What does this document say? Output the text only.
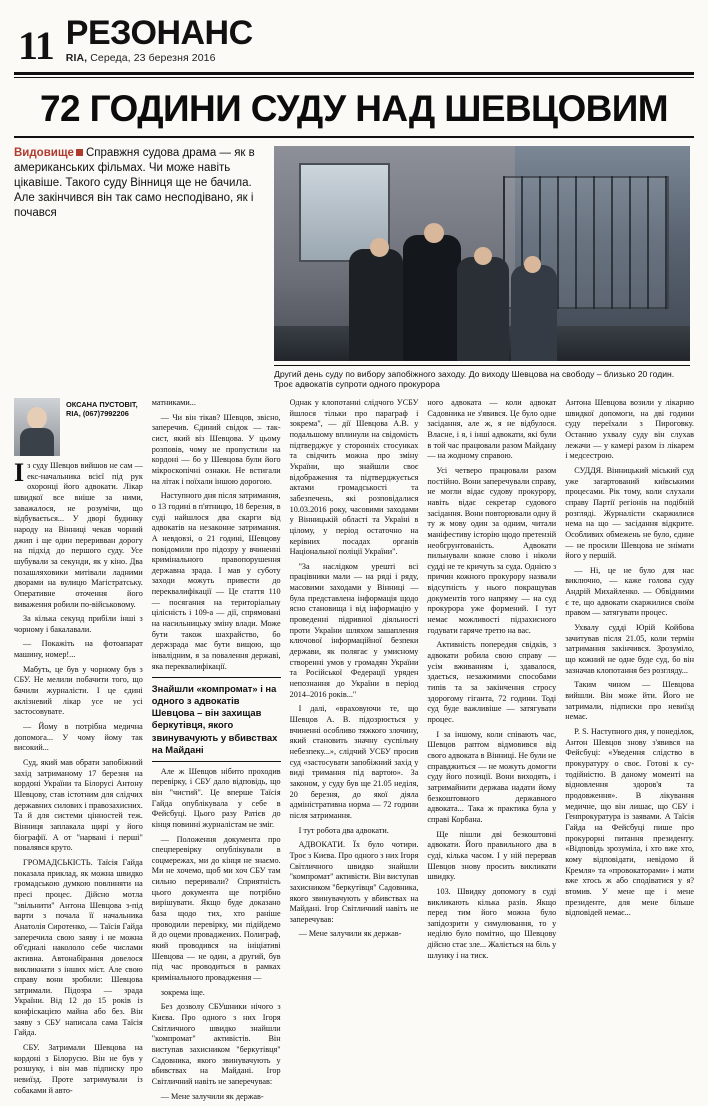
11 РЕЗОНАНС
RIA, Середа, 23 березня 2016
72 ГОДИНИ СУДУ НАД ШЕВЦОВИМ
Видовище Справжня судова драма — як в американських фільмах. Чи може навіть цікавіше. Такого суду Вінниця ще не бачила. Але закінчився він так само несподівано, як і почався
Другий день суду по вибору запобіжного заходу. До виходу Шевцова на свободу – близько 20 годин. Троє адвокатів супроти одного прокурора
ОКСАНА ПУСТОВІТ,
RIA, (067)7992206

Із суду Шевцов вийшов не сам — екс-начальника всієї під рук охоронці його адвокати. Лікар швидкої все вніше за ними, заважалося, не розумічи, що відбувається... У дворі будинку народу на Вінниці чекав чорний джип і ще один переривван дорогу на підхід до першого суду. Усе шубували за секунди, як у кіно. Два позашляховики митівали ладними дворами на вулицю Магістратську. Оперативне оточення його виваження робили по-військовому.

За кілька секунд прибіли інші з чорному і бакалавали.

— Покажіть на фотоапарат машину, номер!...

Мабуть, це був у чорному був з СБУ. Не мелили побачити того, що бачили журналісти. І це єдині аклізневий лікар усе не усі застосовувате.

— Йому в потрібна медична допомога... У чому йому так високий...

Суд, який мав обрати запобіжний захід затриманому 17 березня на кордоні України та Білорусі Антону Шевцову, став істотним для слідчих державних силових і правозахисних. Та й для системи цінностей теж. Вінниця заплакала щирі у його біографії. А от "нарвані і перші" повалявся круто.

ГРОМАДСЬКІСТЬ. Таїсія Гайда показала приклад, як можна швидко громадською думкою повлиняти на пресі процес. Дійсно мотла "звільнити" Антона Шевцова з-під варти з почала її начальника Анатолія Сиротенко, — Таїсія Гайда заперечила свою заяву і не можна об'єдналі накололо себе числами активна. Автонабірання довелося викликнати з інших міст. Але свою справу вони зробили: Шевцова затримали. Підозра — зрада України. Від 12 до 15 років із конфіскацією майна або без. Він заяву з СБУ написала сама Таїсія Гайда.

СБУ. Затримали Шевцова на кордоні з Білорусю. Він не був у розшуку, і він мав підписку про невиїзд. Проте затримували із собаками й авто-

матниками...

— Чи він тікав? Шевцов, звісно, заперечив. Єдиний свідок — так-сист, який віз Шевцова. У цьому розповів, чому не пропустили на кордоні — бо у Шевцова були його мікроскопічні ознаки. Не встигали на літак і поїхали іншою дорогою.

Наступного дня після затримання, о 13 годині в п'ятницю, 18 березня, в суді найшлося два скарги від адвокатів на незаконне затримання. А невдовзі, о 21 годині, Шевцову повідомили про підозру у вчиненні кримінального правопорушення державна зрада. І мав у суботу заходи можуть привести до переквалифікації — Це стаття 110 — посягання на територіальну цілісність і 109-а — дії, спрямовані на насильницьку зміну влади. Може бути також шахрайство, бо держзрада має бути вищою, що інвалідним, я за повалення державі, яка переквалифікації.

Знайшли «компромат» і на одного з адвокатів Шевцова – він захищав беркутівця, якого звинувачують у вбивствах на Майдані

Але ж Шевцов нібито проходив перевірку, і СБУ дало відповідь, що він "чистий". Це вперше Таїсія Гайда опублікувала у себе в Фейсбуці. Цього разу Ратієв до кінця повинні журналістам не зміг.

— Положення документа про спецперевірку опублікували в соцмережах, ми до кінця не знаємо. Ми не хочемо, щоб ми хоч СБУ там сильно переривали? Сприятність цього документа ще потрібно вирішувати. Якщо буде доказано база щодо тих, хто раніше проводили перевірку, ми підійдемо й до оцеми проваджених. Полиграф, який проводився на ініціативі Шевцова — не один, а другий, був під час проводиться в рамках кримінального провадження —

зокрема іще.

Без дозволу СБУшники нічого з Києва. Про одного з них Ігоря Світличного швидко знайшли "компромат" активістів. Він виступав захисником "беркутівця" Садовника, якого звинувачують у вбивствах на Майдані. Ігор Світличний навіть не заперечував:

— Мене залучили як держав-

Однак у клопотанні слідчого УСБУ йшлося тільки про параграф і зокрема", — дії Шевцова А.В. у подальшому вплинули на свідомість підтверджує у сторонніх стосунках та свідчить можна про зміну України, що знайшли своє відображення та підтверджується актами громадськості та забезпечень, які розповідалися 10.03.2016 року, часовими заходами у Вінницькій області та Україні в цілому, у період остаточно на керівних посадах органів Національної поліції України".

"За наслідком урешті всі працівники мали — на ряді і ряду, масовими заходами у Вінниці — була представлена інформація щодо ясно становища і від інформацію у проведенні підривної діяльності проти України шляхом зашаплення ключової інформаційної безпеки держави, як полягає у умисному створенні умов у громадян України та Російської Федерації уряден непознання до України в період 2014–2016 років..."

І далі, «враховуючи те, що Шевцов А. В. підозрюється у вчиненні особливо тяжкого злочину, який становить значну суспільну небезпеку...», слідчий УСБУ просив суд «застосувати запобіжний захід у виді тримання під вартою». За законом, у суду був ще 21.05 неділя, 20 березня, до якої діяла адміністративна норма — 72 години після затримання.

І тут робота два адвокати.

АДВОКАТИ. Їх було чотири. Троє з Києва. Про одного з них Ігоря Світличного швидко знайшли "компромат" активісти. Він виступав захисником "беркутівця" Садовника, якого звинувачують у вбивствах на Майдані. Ігор Світличний навіть не заперечував:

— Мене залучили як держав-

ного адвоката — коли адвокат Садовника не з'явився. Це було одне засідання, але ж, я не відбулося. Власне, і я, і інші адвокати, які були в той час працювали разом Майдану — на жодному справою.

Усі четверо працювали разом постійно. Вони заперечували справу, не могли відає судову прокурору, навіть відає секретар судового засідання. Вони повторювали одну й ту ж мову один за одним, читали маніфестиву історію щодо претензій необгрунтованість. Адвокати пильнували кожне слово і ніколи судді не те кричуть за суда. Однією з причин кожного прокурору назвали відсутність у нього покращував документів того напряму — на суд прокурора уже формений. І тут немає можливості підзахисного годувати гаряче третю на вас.

Активність попередня свідків, з адвокати робила свою справу — усім вживанням і, здавалося, здається, незажимими способами типів та за закінчення стросу здорогому гіганта, 72 години. Тоді суд буде важливіше — затягувати процес.

І за іншому, коли співають час, Шевцов раптом відмовився від свого адвоката в Вінниці. Не були не справджиться — не можуть домогти суду його позиції. Вони виходять, і затримайнити держава надати йому безкоштовного державного адвоката... Така ж практика була у справі Корбана.

Ще пішли дві безкоштовні адвокати. Його правильного два в суді, кілька часом. І у ній перервав Шевцов знову просить викликати швидку.

103. Швидку допомогу в суді викликають кілька разів. Якщо перед тим його можна було запідозрити у симулювання, то у неділю було помітно, що Шевцову дійсно стає зле... Жаліється на біль у шлунку і на тиск.

Антона Шевцова возили у лікарню швидкої допомоги, на дві години суду переїхали з Пироговку. Останню ухвалу суду він слухав лежачи — у камері разом із лікарем і медсестрою.

СУДДЯ. Вінницький міський суд уже загартований київськими процесами. Рік тому, коли слухали справу Партії регіонів на подібній розгляді. Журналісти скаржилися нема на що — засідання відкрите. Особливих обмежень не було, єдине — не просили Шевцова не знімати його у першій.

— Ні, це не було для нас виключно, — каже голова суду Андрій Михайленко. — Обвідними є те, що адвокати скаржилися своїм правом — затягувати процес.

Ухвалу судді Юрій Койбова зачитував після 21.05, коли термін затримання закінчився. Зрозуміло, що кожний не одне буде суд, бо він зазначав клопотання без розгляду...

Таким чином — Шевцова вийшли. Він може йти. Його не затримали, підписки про невиїзд немає.

P. S. Наступного дня, у понеділок, Антон Шевцов знову з'явився на Фейсбуці: «Уведення слідство в прокуратуру о своє. Готові к су-тодійністю. В даному моменті на відновлення здоров'я та продовження». В лікування медичне, що він лишає, що СБУ і Генпрокуратура із заявами. А Таїсія Гайда на Фейсбуці пише про прокурорні питання президенту. «Відповідь зрозуміла, і хто вже хто, кому відповідати, невідомо й Кремля» та «провокаторами» і мати вже хтось ж або сподіватися у я? втомив. У мене ще і мене президенте, для мене більше відповідей немає...
